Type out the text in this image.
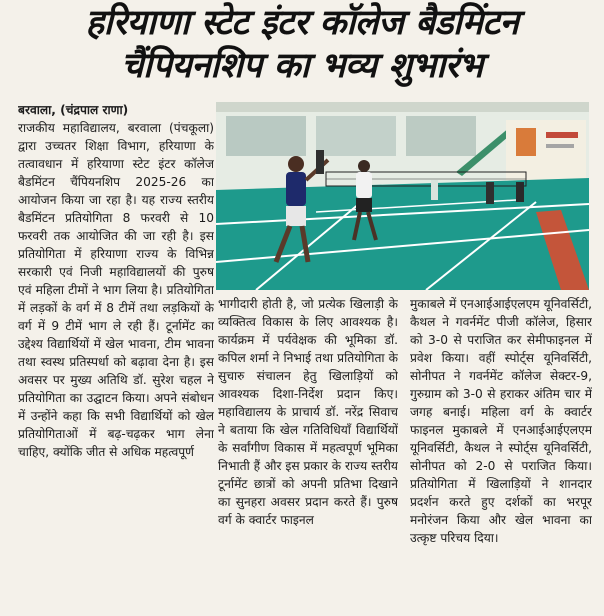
हरियाणा स्टेट इंटर कॉलेज बैडमिंटन
चैंपियनशिप का भव्य शुभारंभ

बरवाला, (चंद्रपाल राणा)

राजकीय महाविद्यालय, बरवाला (पंचकूला) द्वारा उच्चतर शिक्षा विभाग, हरियाणा के तत्वावधान में हरियाणा स्टेट इंटर कॉलेज बैडमिंटन चैंपियनशिप 2025-26 का आयोजन किया जा रहा है। यह राज्य स्तरीय बैडमिंटन प्रतियोगिता 8 फरवरी से 10 फरवरी तक आयोजित की जा रही है। इस प्रतियोगिता में हरियाणा राज्य के विभिन्न सरकारी एवं निजी महाविद्यालयों की पुरुष एवं महिला टीमों ने भाग लिया है। प्रतियोगिता में लड़कों के वर्ग में 8 टीमें तथा लड़कियों के वर्ग में 9 टीमें भाग ले रही हैं। टूर्नामेंट का उद्देश्य विद्यार्थियों में खेल भावना, टीम भावना तथा स्वस्थ प्रतिस्पर्धा को बढ़ावा देना है। इस अवसर पर मुख्य अतिथि डॉ. सुरेश चहल ने प्रतियोगिता का उद्घाटन किया। अपने संबोधन में उन्होंने कहा कि सभी विद्यार्थियों को खेल प्रतियोगिताओं में बढ़-चढ़कर भाग लेना चाहिए, क्योंकि जीत से अधिक महत्वपूर्ण

भागीदारी होती है, जो प्रत्येक खिलाड़ी के व्यक्तित्व विकास के लिए आवश्यक है। कार्यक्रम में पर्यवेक्षक की भूमिका डॉ. कपिल शर्मा ने निभाई तथा प्रतियोगिता के सुचारु संचालन हेतु खिलाड़ियों को आवश्यक दिशा-निर्देश प्रदान किए। महाविद्यालय के प्राचार्य डॉ. नरेंद्र सिवाच ने बताया कि खेल गतिविधियाँ विद्यार्थियों के सर्वांगीण विकास में महत्वपूर्ण भूमिका निभाती हैं और इस प्रकार के राज्य स्तरीय टूर्नामेंट छात्रों को अपनी प्रतिभा दिखाने का सुनहरा अवसर प्रदान करते हैं। पुरुष वर्ग के क्वार्टर फाइनल

मुकाबले में एनआईआईएलएम यूनिवर्सिटी, कैथल ने गवर्नमेंट पीजी कॉलेज, हिसार को 3-0 से पराजित कर सेमीफाइनल में प्रवेश किया। वहीं स्पोर्ट्स यूनिवर्सिटी, सोनीपत ने गवर्नमेंट कॉलेज सेक्टर-9, गुरुग्राम को 3-0 से हराकर अंतिम चार में जगह बनाई। महिला वर्ग के क्वार्टर फाइनल मुकाबले में एनआईआईएलएम यूनिवर्सिटी, कैथल ने स्पोर्ट्स यूनिवर्सिटी, सोनीपत को 2-0 से पराजित किया। प्रतियोगिता में खिलाड़ियों ने शानदार प्रदर्शन करते हुए दर्शकों का भरपूर मनोरंजन किया और खेल भावना का उत्कृष्ट परिचय दिया।
